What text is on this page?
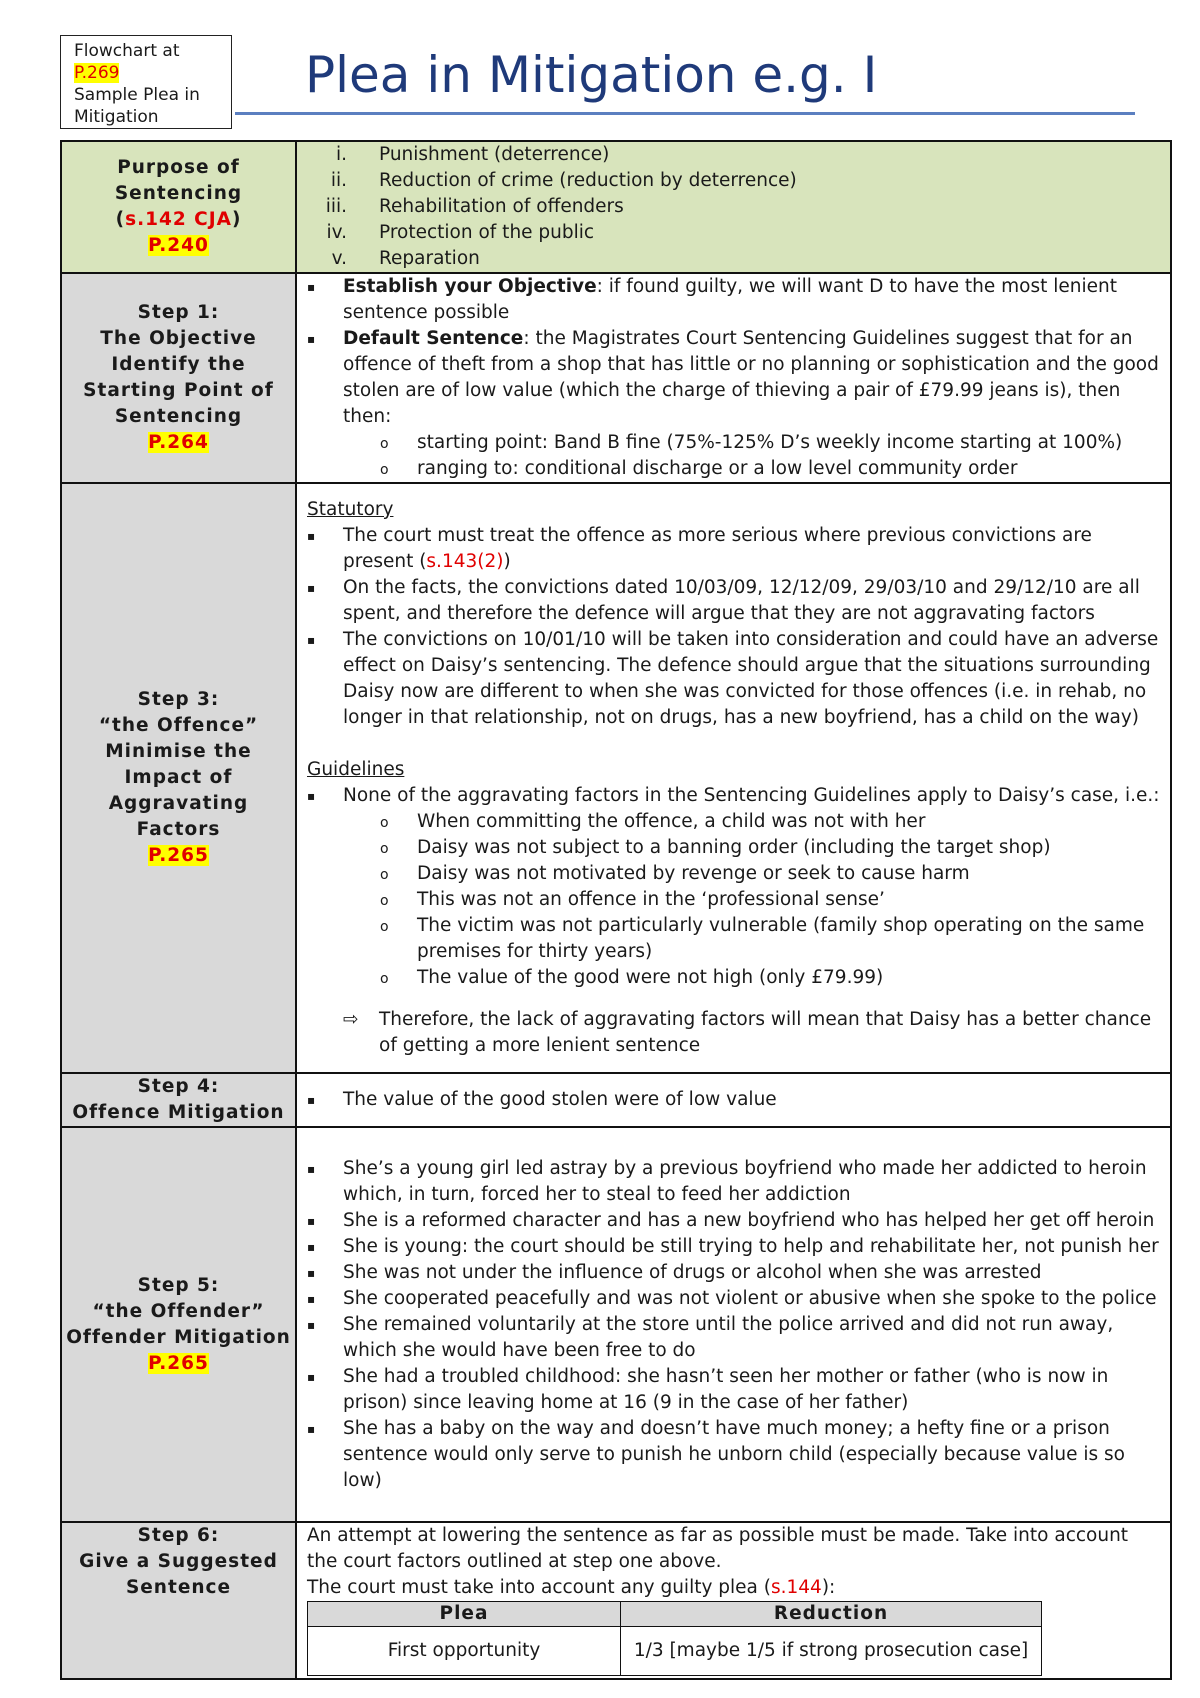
Flowchart at
P.269
Sample Plea in Mitigation
Plea in Mitigation e.g. I
Purpose of
Sentencing
(s.142 CJA)
P.240

i. Punishment (deterrence)
ii. Reduction of crime (reduction by deterrence)
iii. Rehabilitation of offenders
iv. Protection of the public
v. Reparation

Step 1:
The Objective
Identify the Starting Point of Sentencing
P.264

▪ Establish your Objective: if found guilty, we will want D to have the most lenient sentence possible
▪ Default Sentence: the Magistrates Court Sentencing Guidelines suggest that for an offence of theft from a shop that has little or no planning or sophistication and the good stolen are of low value (which the charge of thieving a pair of £79.99 jeans is), then then:
o starting point: Band B fine (75%-125% D’s weekly income starting at 100%)
o ranging to: conditional discharge or a low level community order

Step 3:
“the Offence”
Minimise the Impact of Aggravating Factors
P.265

Statutory
▪ The court must treat the offence as more serious where previous convictions are present (s.143(2))
▪ On the facts, the convictions dated 10/03/09, 12/12/09, 29/03/10 and 29/12/10 are all spent, and therefore the defence will argue that they are not aggravating factors
▪ The convictions on 10/01/10 will be taken into consideration and could have an adverse effect on Daisy’s sentencing. The defence should argue that the situations surrounding Daisy now are different to when she was convicted for those offences (i.e. in rehab, no longer in that relationship, not on drugs, has a new boyfriend, has a child on the way)
Guidelines
▪ None of the aggravating factors in the Sentencing Guidelines apply to Daisy’s case, i.e.:
o When committing the offence, a child was not with her
o Daisy was not subject to a banning order (including the target shop)
o Daisy was not motivated by revenge or seek to cause harm
o This was not an offence in the ‘professional sense’
o The victim was not particularly vulnerable (family shop operating on the same premises for thirty years)
o The value of the good were not high (only £79.99)
⇨ Therefore, the lack of aggravating factors will mean that Daisy has a better chance of getting a more lenient sentence

Step 4:
Offence Mitigation

▪ The value of the good stolen were of low value

Step 5:
“the Offender”
Offender Mitigation
P.265

▪ She’s a young girl led astray by a previous boyfriend who made her addicted to heroin which, in turn, forced her to steal to feed her addiction
▪ She is a reformed character and has a new boyfriend who has helped her get off heroin
▪ She is young: the court should be still trying to help and rehabilitate her, not punish her
▪ She was not under the influence of drugs or alcohol when she was arrested
▪ She cooperated peacefully and was not violent or abusive when she spoke to the police
▪ She remained voluntarily at the store until the police arrived and did not run away, which she would have been free to do
▪ She had a troubled childhood: she hasn’t seen her mother or father (who is now in prison) since leaving home at 16 (9 in the case of her father)
▪ She has a baby on the way and doesn’t have much money; a hefty fine or a prison sentence would only serve to punish he unborn child (especially because value is so low)

Step 6:
Give a Suggested Sentence

An attempt at lowering the sentence as far as possible must be made. Take into account the court factors outlined at step one above.
The court must take into account any guilty plea (s.144):
Plea	Reduction
First opportunity	1/3 [maybe 1/5 if strong prosecution case]
